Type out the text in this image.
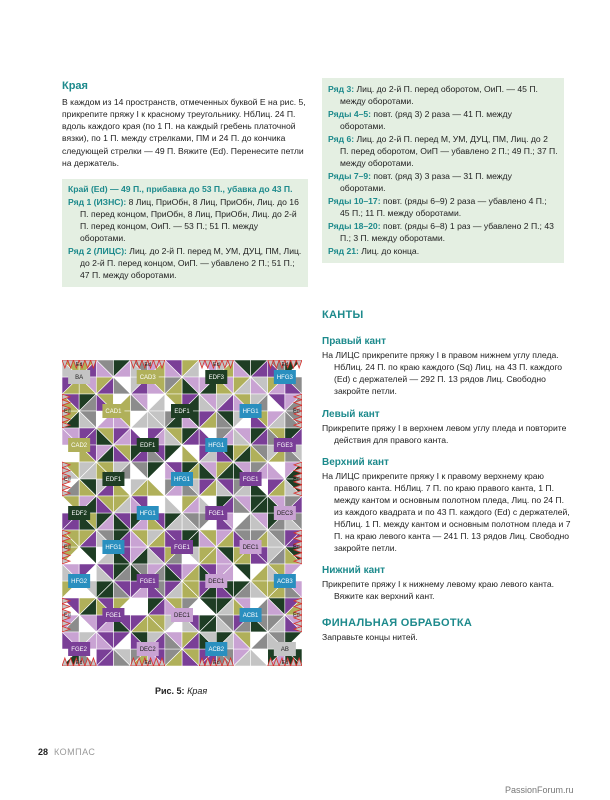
Края
В каждом из 14 пространств, отмеченных буквой E на рис. 5, прикрепите пряжу I к красному треугольнику. НбЛиц. 24 П. вдоль каждого края (по 1 П. на каждый гребень платочной вязки), по 1 П. между стрелками, ПМ и 24 П. до кончика следующей стрелки — 49 П. Вяжите (Ed). Перенесите петли на держатель.
Край (Ed) — 49 П., прибавка до 53 П., убавка до 43 П.
Ряд 1 (ИЗНС): 8 Лиц, ПриОбн, 8 Лиц, ПриОбн, Лиц. до 16 П. перед концом, ПриОбн, 8 Лиц, ПриОбн, Лиц. до 2-й П. перед концом, ОиП. — 53 П.; 51 П. между оборотами.
Ряд 2 (ЛИЦС): Лиц. до 2-й П. перед М, УМ, ДУЦ, ПМ, Лиц. до 2-й П. перед концом, ОиП. — убавлено 2 П.; 51 П.; 47 П. между оборотами.
Ряд 3: Лиц. до 2-й П. перед оборотом, ОиП. — 45 П. между оборотами.
Ряды 4–5: повт. (ряд 3) 2 раза — 41 П. между оборотами.
Ряд 6: Лиц. до 2-й П. перед М, УМ, ДУЦ, ПМ, Лиц. до 2 П. перед оборотом, ОиП — убавлено 2 П.; 49 П.; 37 П. между оборотами.
Ряды 7–9: повт. (ряд 3) 3 раза — 31 П. между оборотами.
Ряды 10–17: повт. (ряды 6–9) 2 раза — убавлено 4 П.; 45 П.; 11 П. между оборотами.
Ряды 18–20: повт. (ряды 6–8) 1 раз — убавлено 2 П.; 43 П.; 3 П. между оборотами.
Ряд 21: Лиц. до конца.
КАНТЫ
Правый кант
На ЛИЦС прикрепите пряжу I в правом нижнем углу пледа. НбЛиц. 24 П. по краю каждого (Sq) Лиц. на 43 П. каждого (Ed) с держателей — 292 П. 13 рядов Лиц. Свободно закройте петли.
Левый кант
Прикрепите пряжу I в верхнем левом углу пледа и повторите действия для правого канта.
Верхний кант
На ЛИЦС прикрепите пряжу I к правому верхнему краю правого канта. НбЛиц. 7 П. по краю правого канта, 1 П. между кантом и основным полотном пледа, Лиц. по 24 П. из каждого квадрата и по 43 П. каждого (Ed) с держателей, НбЛиц. 1 П. между кантом и основным полотном пледа и 7 П. на краю левого канта — 241 П. 13 рядов Лиц. Свободно закройте петли.
Нижний кант
Прикрепите пряжу I к нижнему левому краю левого канта. Вяжите как верхний кант.
ФИНАЛЬНАЯ ОБРАБОТКА
Заправьте концы нитей.
Ed
Ed
Ed
Ed
Ed
Ed
Ed
Ed
Ed	Ed
Ed	Ed
Ed	Ed
Ed	Ed
BA	CAD3	EDF3	HFG3
CAD1	EDF1	HFG1
CAD2	EDF1	HFG1	FGE3
EDF1	HFG1	FGE1
EDF2	HFG1	FGE1	DEC3
HFG1	FGE1	DEC1
HFG2	FGE1	DEC1	ACB3
FGE1	DEC1	ACB1
FGE2	DEC2	ACB2	AB
Рис. 5: Края
28 КОМПАС
PassionForum.ru
